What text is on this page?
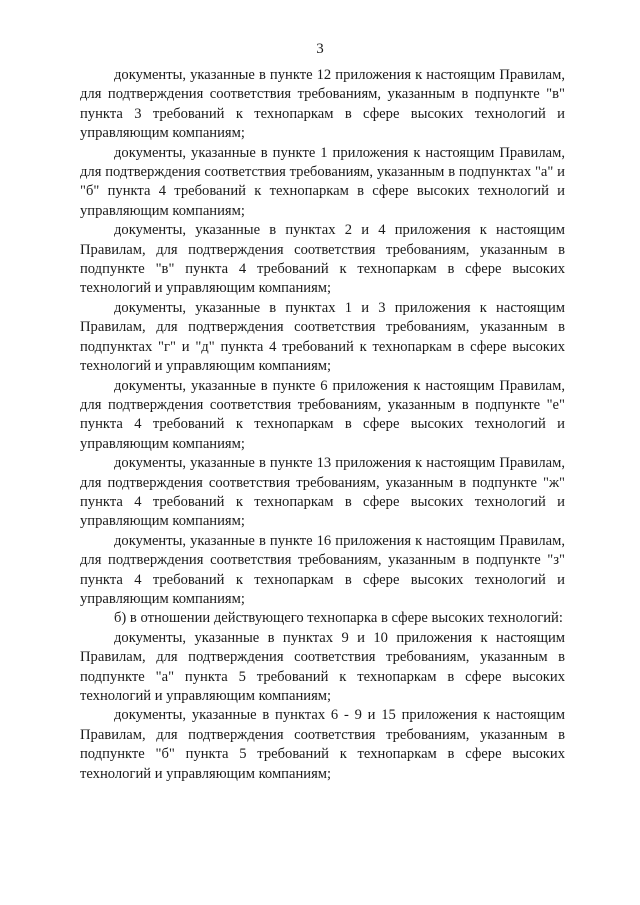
3

документы, указанные в пункте 12 приложения к настоящим Правилам, для подтверждения соответствия требованиям, указанным в подпункте "в" пункта 3 требований к технопаркам в сфере высоких технологий и управляющим компаниям;

документы, указанные в пункте 1 приложения к настоящим Правилам, для подтверждения соответствия требованиям, указанным в подпунктах "а" и "б" пункта 4 требований к технопаркам в сфере высоких технологий и управляющим компаниям;

документы, указанные в пунктах 2 и 4 приложения к настоящим Правилам, для подтверждения соответствия требованиям, указанным в подпункте "в" пункта 4 требований к технопаркам в сфере высоких технологий и управляющим компаниям;

документы, указанные в пунктах 1 и 3 приложения к настоящим Правилам, для подтверждения соответствия требованиям, указанным в подпунктах "г" и "д" пункта 4 требований к технопаркам в сфере высоких технологий и управляющим компаниям;

документы, указанные в пункте 6 приложения к настоящим Правилам, для подтверждения соответствия требованиям, указанным в подпункте "е" пункта 4 требований к технопаркам в сфере высоких технологий и управляющим компаниям;

документы, указанные в пункте 13 приложения к настоящим Правилам, для подтверждения соответствия требованиям, указанным в подпункте "ж" пункта 4 требований к технопаркам в сфере высоких технологий и управляющим компаниям;

документы, указанные в пункте 16 приложения к настоящим Правилам, для подтверждения соответствия требованиям, указанным в подпункте "з" пункта 4 требований к технопаркам в сфере высоких технологий и управляющим компаниям;

б) в отношении действующего технопарка в сфере высоких технологий:

документы, указанные в пунктах 9 и 10 приложения к настоящим Правилам, для подтверждения соответствия требованиям, указанным в подпункте "а" пункта 5 требований к технопаркам в сфере высоких технологий и управляющим компаниям;

документы, указанные в пунктах 6 - 9 и 15 приложения к настоящим Правилам, для подтверждения соответствия требованиям, указанным в подпункте "б" пункта 5 требований к технопаркам в сфере высоких технологий и управляющим компаниям;
